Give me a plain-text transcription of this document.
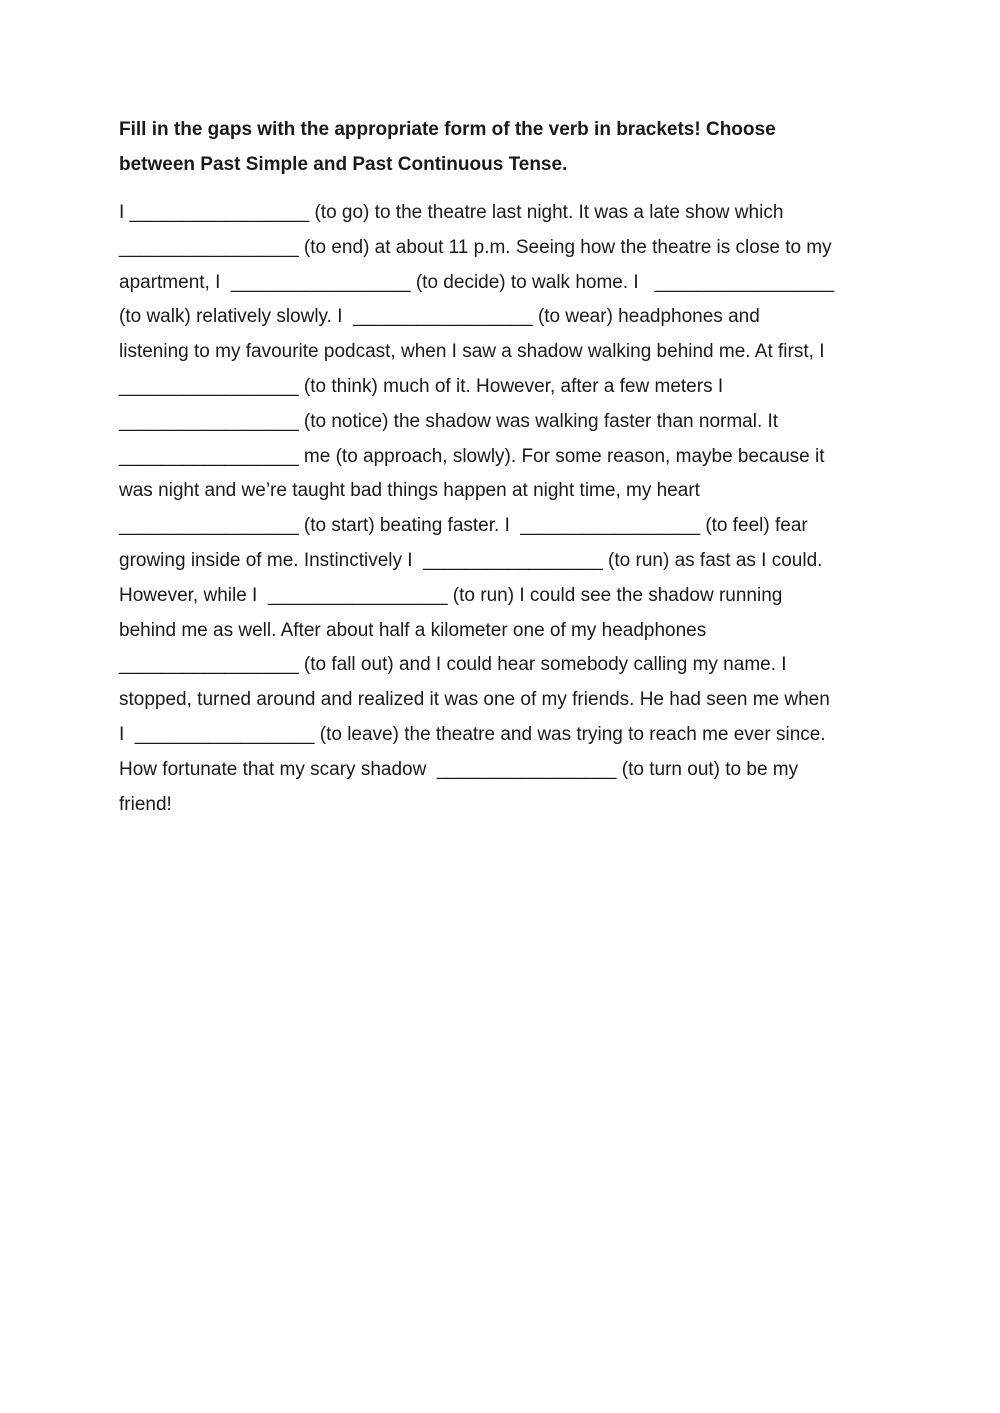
Fill in the gaps with the appropriate form of the verb in brackets! Choose
between Past Simple and Past Continuous Tense.
I _________________ (to go) to the theatre last night. It was a late show which
_________________ (to end) at about 11 p.m. Seeing how the theatre is close to my
apartment, I  _________________ (to decide) to walk home. I   _________________
(to walk) relatively slowly. I  _________________ (to wear) headphones and
listening to my favourite podcast, when I saw a shadow walking behind me. At first, I
_________________ (to think) much of it. However, after a few meters I
_________________ (to notice) the shadow was walking faster than normal. It
_________________ me (to approach, slowly). For some reason, maybe because it
was night and we’re taught bad things happen at night time, my heart
_________________ (to start) beating faster. I  _________________ (to feel) fear
growing inside of me. Instinctively I  _________________ (to run) as fast as I could.
However, while I  _________________ (to run) I could see the shadow running
behind me as well. After about half a kilometer one of my headphones
_________________ (to fall out) and I could hear somebody calling my name. I
stopped, turned around and realized it was one of my friends. He had seen me when
I  _________________ (to leave) the theatre and was trying to reach me ever since.
How fortunate that my scary shadow  _________________ (to turn out) to be my
friend!
